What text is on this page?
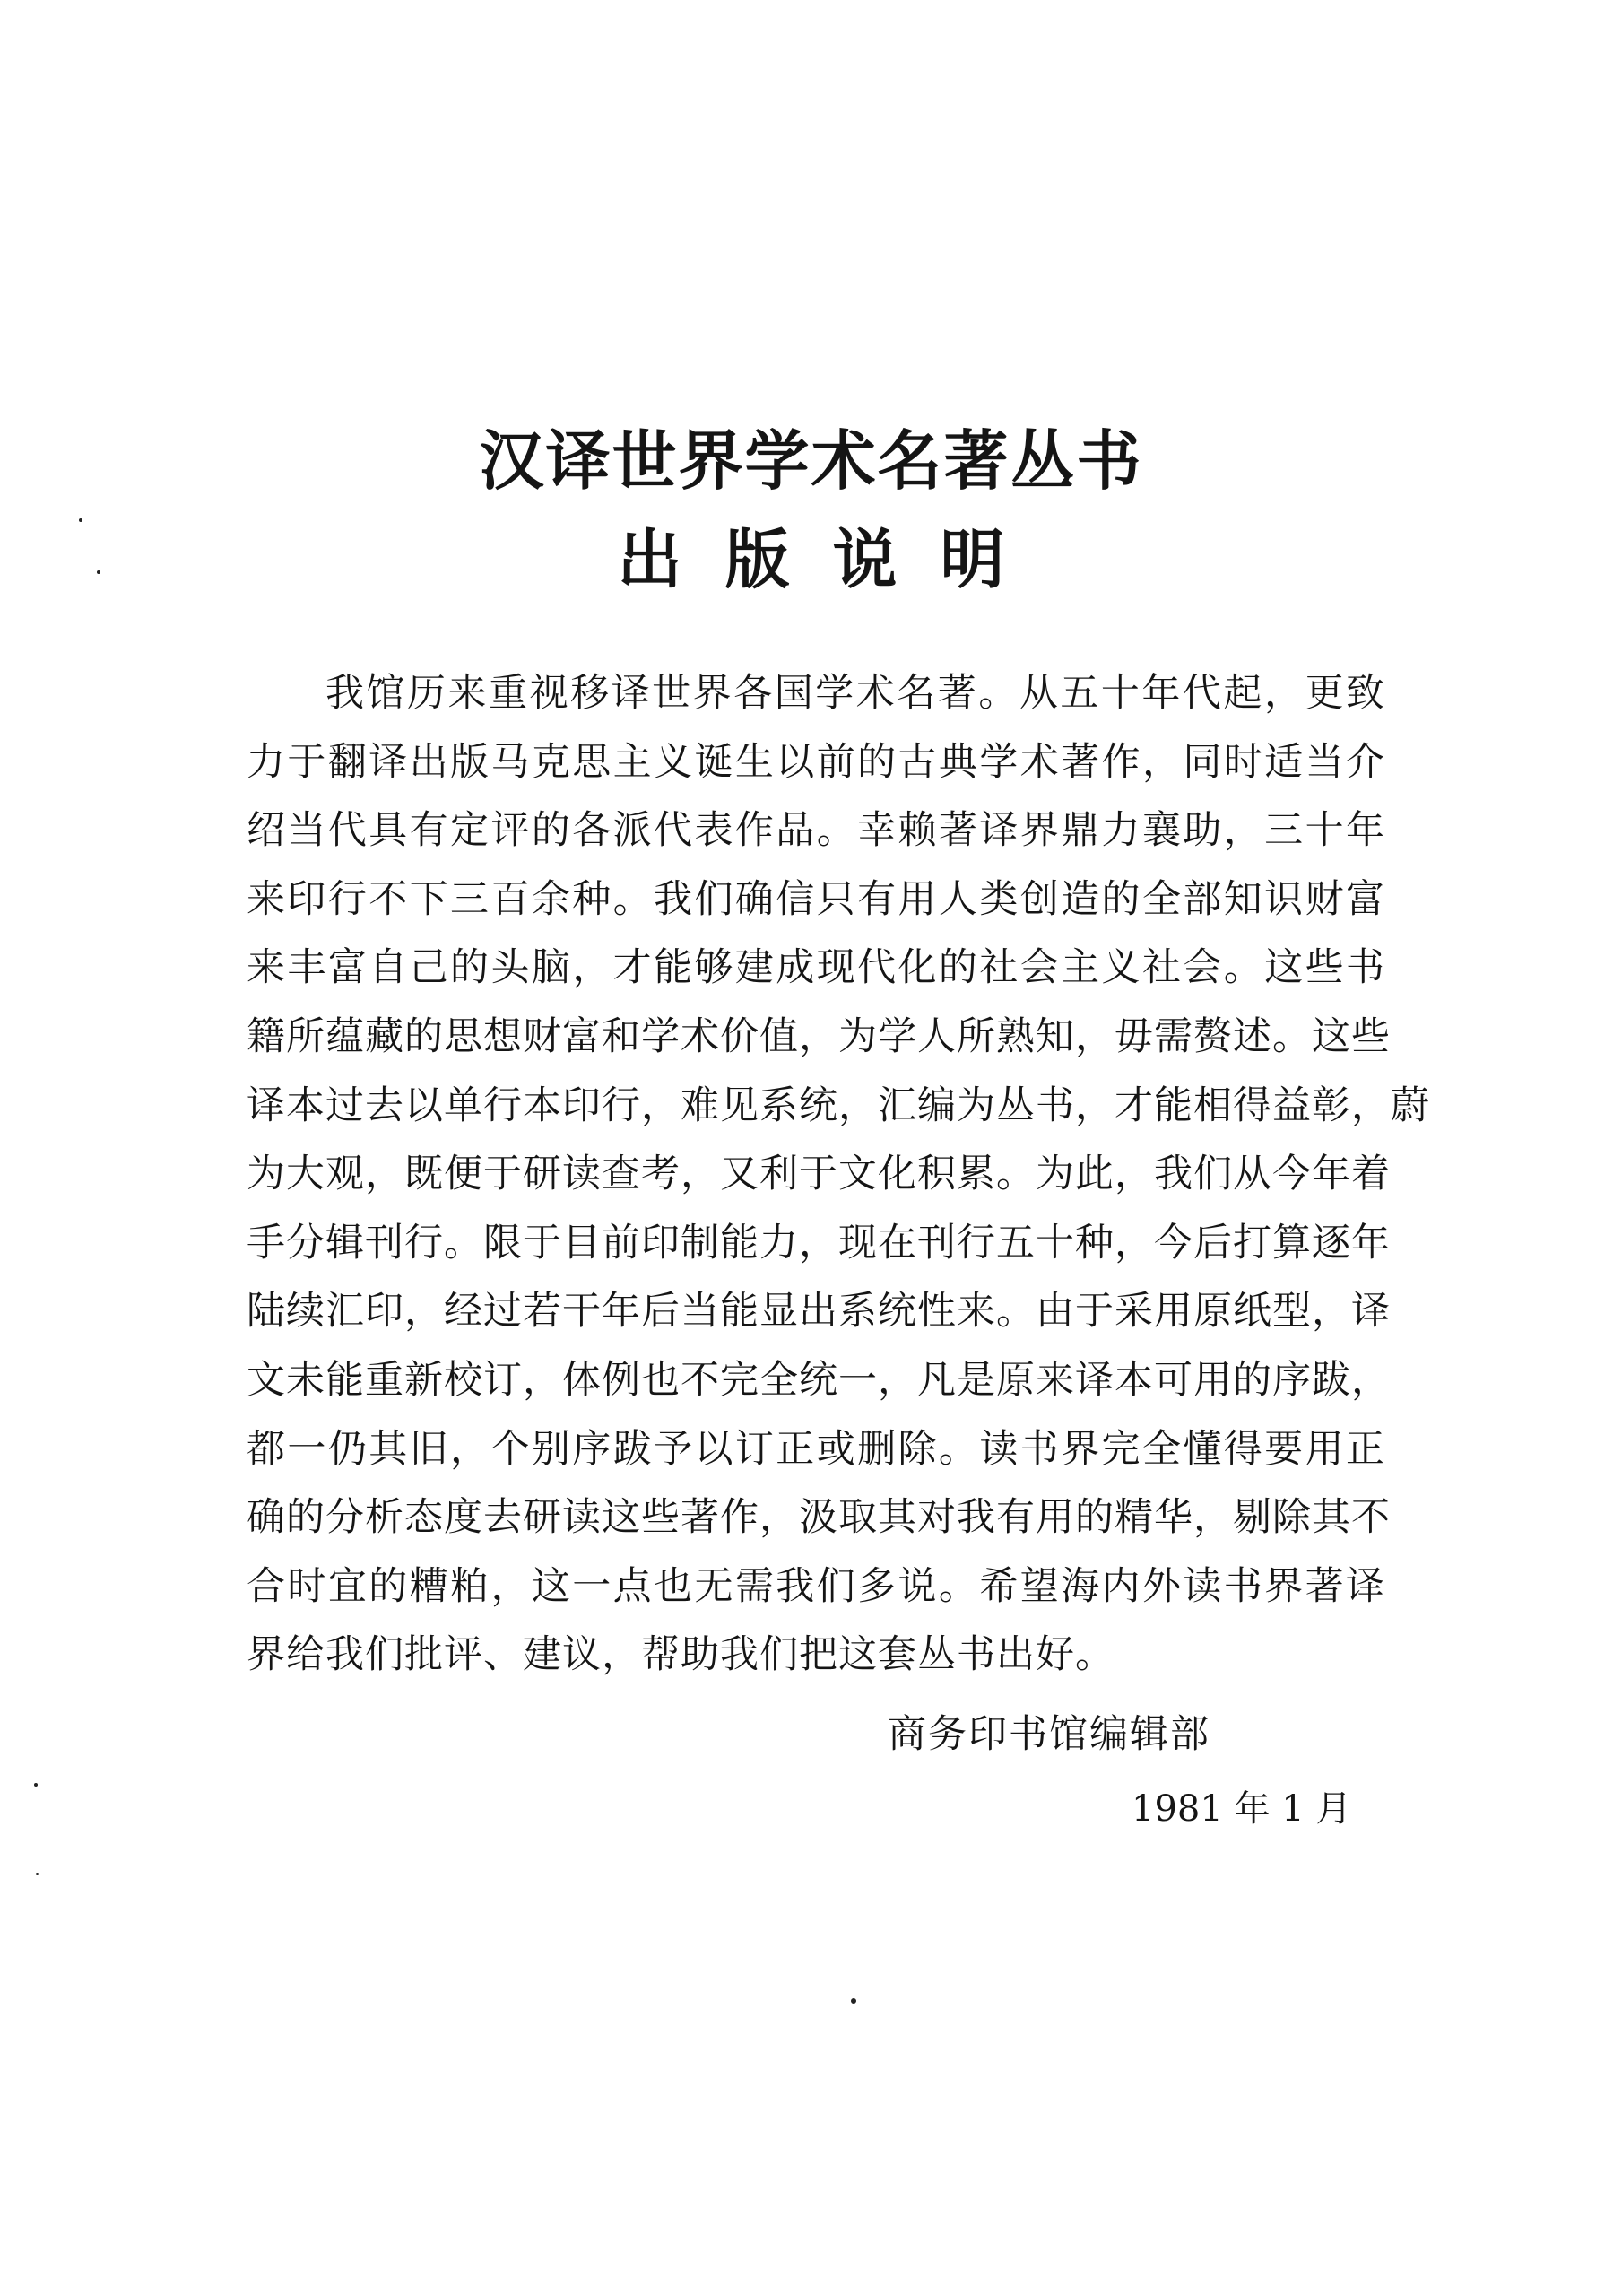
汉译世界学术名著丛书
出版说明
我馆历来重视移译世界各国学术名著。从五十年代起，更致
力于翻译出版马克思主义诞生以前的古典学术著作，同时适当介
绍当代具有定评的各派代表作品。幸赖著译界鼎力襄助，三十年
来印行不下三百余种。我们确信只有用人类创造的全部知识财富
来丰富自己的头脑，才能够建成现代化的社会主义社会。这些书
籍所蕴藏的思想财富和学术价值，为学人所熟知，毋需赘述。这些
译本过去以单行本印行，难见系统，汇编为丛书，才能相得益彰，蔚
为大观，既便于研读查考，又利于文化积累。为此，我们从今年着
手分辑刊行。限于目前印制能力，现在刊行五十种，今后打算逐年
陆续汇印，经过若干年后当能显出系统性来。由于采用原纸型，译
文未能重新校订，体例也不完全统一，凡是原来译本可用的序跋，
都一仍其旧，个别序跋予以订正或删除。读书界完全懂得要用正
确的分析态度去研读这些著作，汲取其对我有用的精华，剔除其不
合时宜的糟粕，这一点也无需我们多说。希望海内外读书界著译
界给我们批评、建议，帮助我们把这套丛书出好。

商务印书馆编辑部

1981 年 1 月
